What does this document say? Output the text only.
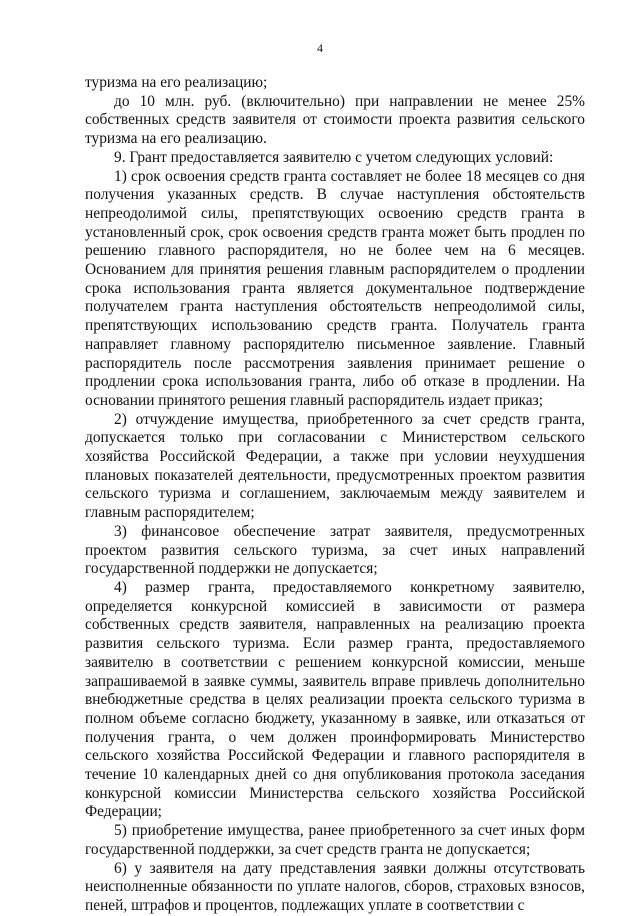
4

туризма на его реализацию;

до 10 млн. руб. (включительно) при направлении не менее 25% собственных средств заявителя от стоимости проекта развития сельского туризма на его реализацию.

9. Грант предоставляется заявителю с учетом следующих условий:

1) срок освоения средств гранта составляет не более 18 месяцев со дня получения указанных средств. В случае наступления обстоятельств непреодолимой силы, препятствующих освоению средств гранта в установленный срок, срок освоения средств гранта может быть продлен по решению главного распорядителя, но не более чем на 6 месяцев. Основанием для принятия решения главным распорядителем о продлении срока использования гранта является документальное подтверждение получателем гранта наступления обстоятельств непреодолимой силы, препятствующих использованию средств гранта. Получатель гранта направляет главному распорядителю письменное заявление. Главный распорядитель после рассмотрения заявления принимает решение о продлении срока использования гранта, либо об отказе в продлении. На основании принятого решения главный распорядитель издает приказ;

2) отчуждение имущества, приобретенного за счет средств гранта, допускается только при согласовании с Министерством сельского хозяйства Российской Федерации, а также при условии неухудшения плановых показателей деятельности, предусмотренных проектом развития сельского туризма и соглашением, заключаемым между заявителем и главным распорядителем;

3) финансовое обеспечение затрат заявителя, предусмотренных проектом развития сельского туризма, за счет иных направлений государственной поддержки не допускается;

4) размер гранта, предоставляемого конкретному заявителю, определяется конкурсной комиссией в зависимости от размера собственных средств заявителя, направленных на реализацию проекта развития сельского туризма. Если размер гранта, предоставляемого заявителю в соответствии с решением конкурсной комиссии, меньше запрашиваемой в заявке суммы, заявитель вправе привлечь дополнительно внебюджетные средства в целях реализации проекта сельского туризма в полном объеме согласно бюджету, указанному в заявке, или отказаться от получения гранта, о чем должен проинформировать Министерство сельского хозяйства Российской Федерации и главного распорядителя в течение 10 календарных дней со дня опубликования протокола заседания конкурсной комиссии Министерства сельского хозяйства Российской Федерации;

5) приобретение имущества, ранее приобретенного за счет иных форм государственной поддержки, за счет средств гранта не допускается;

6) у заявителя на дату представления заявки должны отсутствовать неисполненные обязанности по уплате налогов, сборов, страховых взносов, пеней, штрафов и процентов, подлежащих уплате в соответствии с
